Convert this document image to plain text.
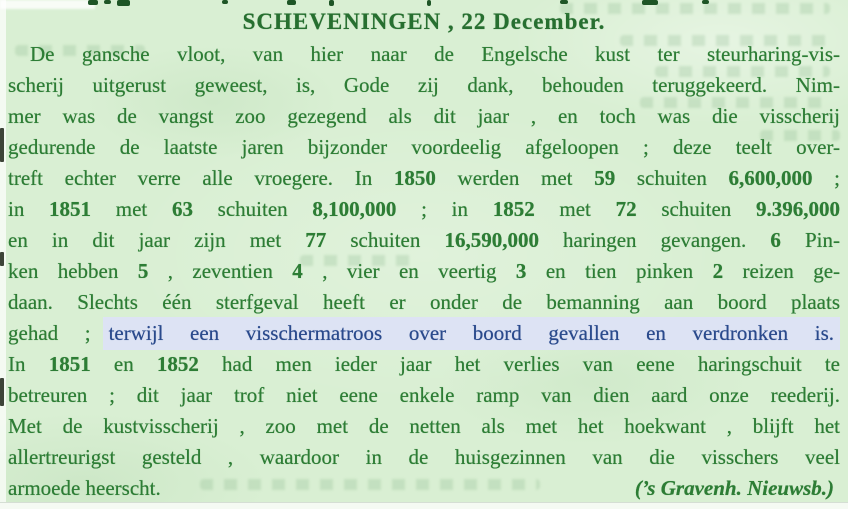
SCHEVENINGEN , 22 December.
De gansche vloot, van hier naar de Engelsche kust ter steurharing-vis-
scherij uitgerust geweest, is, Gode zij dank, behouden teruggekeerd. Nim-
mer was de vangst zoo gezegend als dit jaar , en toch was die visscherij
gedurende de laatste jaren bijzonder voordeelig afgeloopen ; deze teelt over-
treft echter verre alle vroegere. In 1850 werden met 59 schuiten 6,600,000 ;
in 1851 met 63 schuiten 8,100,000 ; in 1852 met 72 schuiten 9.396,000
en in dit jaar zijn met 77 schuiten 16,590,000 haringen gevangen. 6 Pin-
ken hebben 5 , zeventien 4 , vier en veertig 3 en tien pinken 2 reizen ge-
daan. Slechts één sterfgeval heeft er onder de bemanning aan boord plaats
gehad ; terwijl een visschermatroos over boord gevallen en verdronken is.
In 1851 en 1852 had men ieder jaar het verlies van eene haringschuit te
betreuren ; dit jaar trof niet eene enkele ramp van dien aard onze reederij.
Met de kustvisscherij , zoo met de netten als met het hoekwant , blijft het
allertreurigst gesteld , waardoor in de huisgezinnen van die visschers veel
armoede heerscht.	(’s Gravenh. Nieuwsb.)
